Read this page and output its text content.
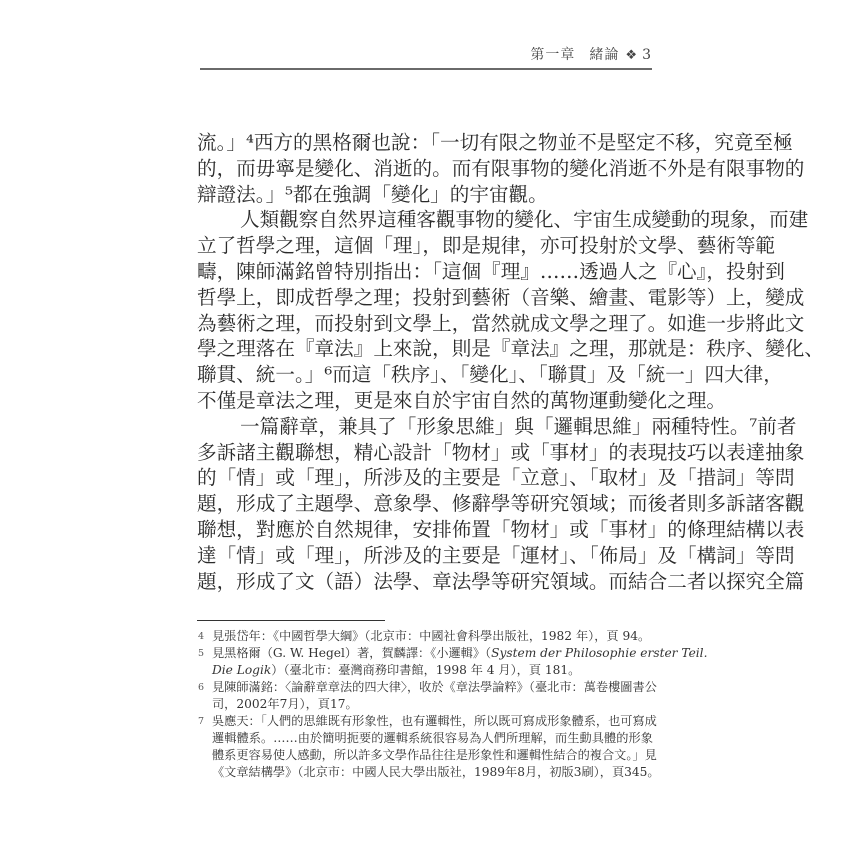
第一章 緒論 ❖ 3
流。」⁴西方的黑格爾也說：「一切有限之物並不是堅定不移，究竟至極
的，而毋寧是變化、消逝的。而有限事物的變化消逝不外是有限事物的
辯證法。」⁵都在強調「變化」的宇宙觀。
人類觀察自然界這種客觀事物的變化、宇宙生成變動的現象，而建
立了哲學之理，這個「理」，即是規律，亦可投射於文學、藝術等範
疇，陳師滿銘曾特別指出：「這個『理』……透過人之『心』，投射到
哲學上，即成哲學之理；投射到藝術（音樂、繪畫、電影等）上，變成
為藝術之理，而投射到文學上，當然就成文學之理了。如進一步將此文
學之理落在『章法』上來說，則是『章法』之理，那就是：秩序、變化、
聯貫、統一。」⁶而這「秩序」、「變化」、「聯貫」及「統一」四大律，
不僅是章法之理，更是來自於宇宙自然的萬物運動變化之理。
一篇辭章，兼具了「形象思維」與「邏輯思維」兩種特性。⁷前者
多訴諸主觀聯想，精心設計「物材」或「事材」的表現技巧以表達抽象
的「情」或「理」，所涉及的主要是「立意」、「取材」及「措詞」等問
題，形成了主題學、意象學、修辭學等研究領域；而後者則多訴諸客觀
聯想，對應於自然規律，安排佈置「物材」或「事材」的條理結構以表
達「情」或「理」，所涉及的主要是「運材」、「佈局」及「構詞」等問
題，形成了文（語）法學、章法學等研究領域。而結合二者以探究全篇
4 見張岱年：《中國哲學大綱》（北京市：中國社會科學出版社，1982 年），頁 94。
5 見黑格爾（G. W. Hegel）著，賀麟譯：《小邏輯》（System der Philosophie erster Teil.
Die Logik）（臺北市：臺灣商務印書館，1998 年 4 月），頁 181。
6 見陳師滿銘：〈論辭章章法的四大律〉，收於《章法學論粹》（臺北市：萬卷樓圖書公
司，2002年7月），頁17。
7 吳應天：「人們的思維既有形象性，也有邏輯性，所以既可寫成形象體系，也可寫成
邏輯體系。……由於簡明扼要的邏輯系統很容易為人們所理解，而生動具體的形象
體系更容易使人感動，所以許多文學作品往往是形象性和邏輯性結合的複合文。」見
《文章結構學》（北京市：中國人民大學出版社，1989年8月，初版3刷），頁345。
